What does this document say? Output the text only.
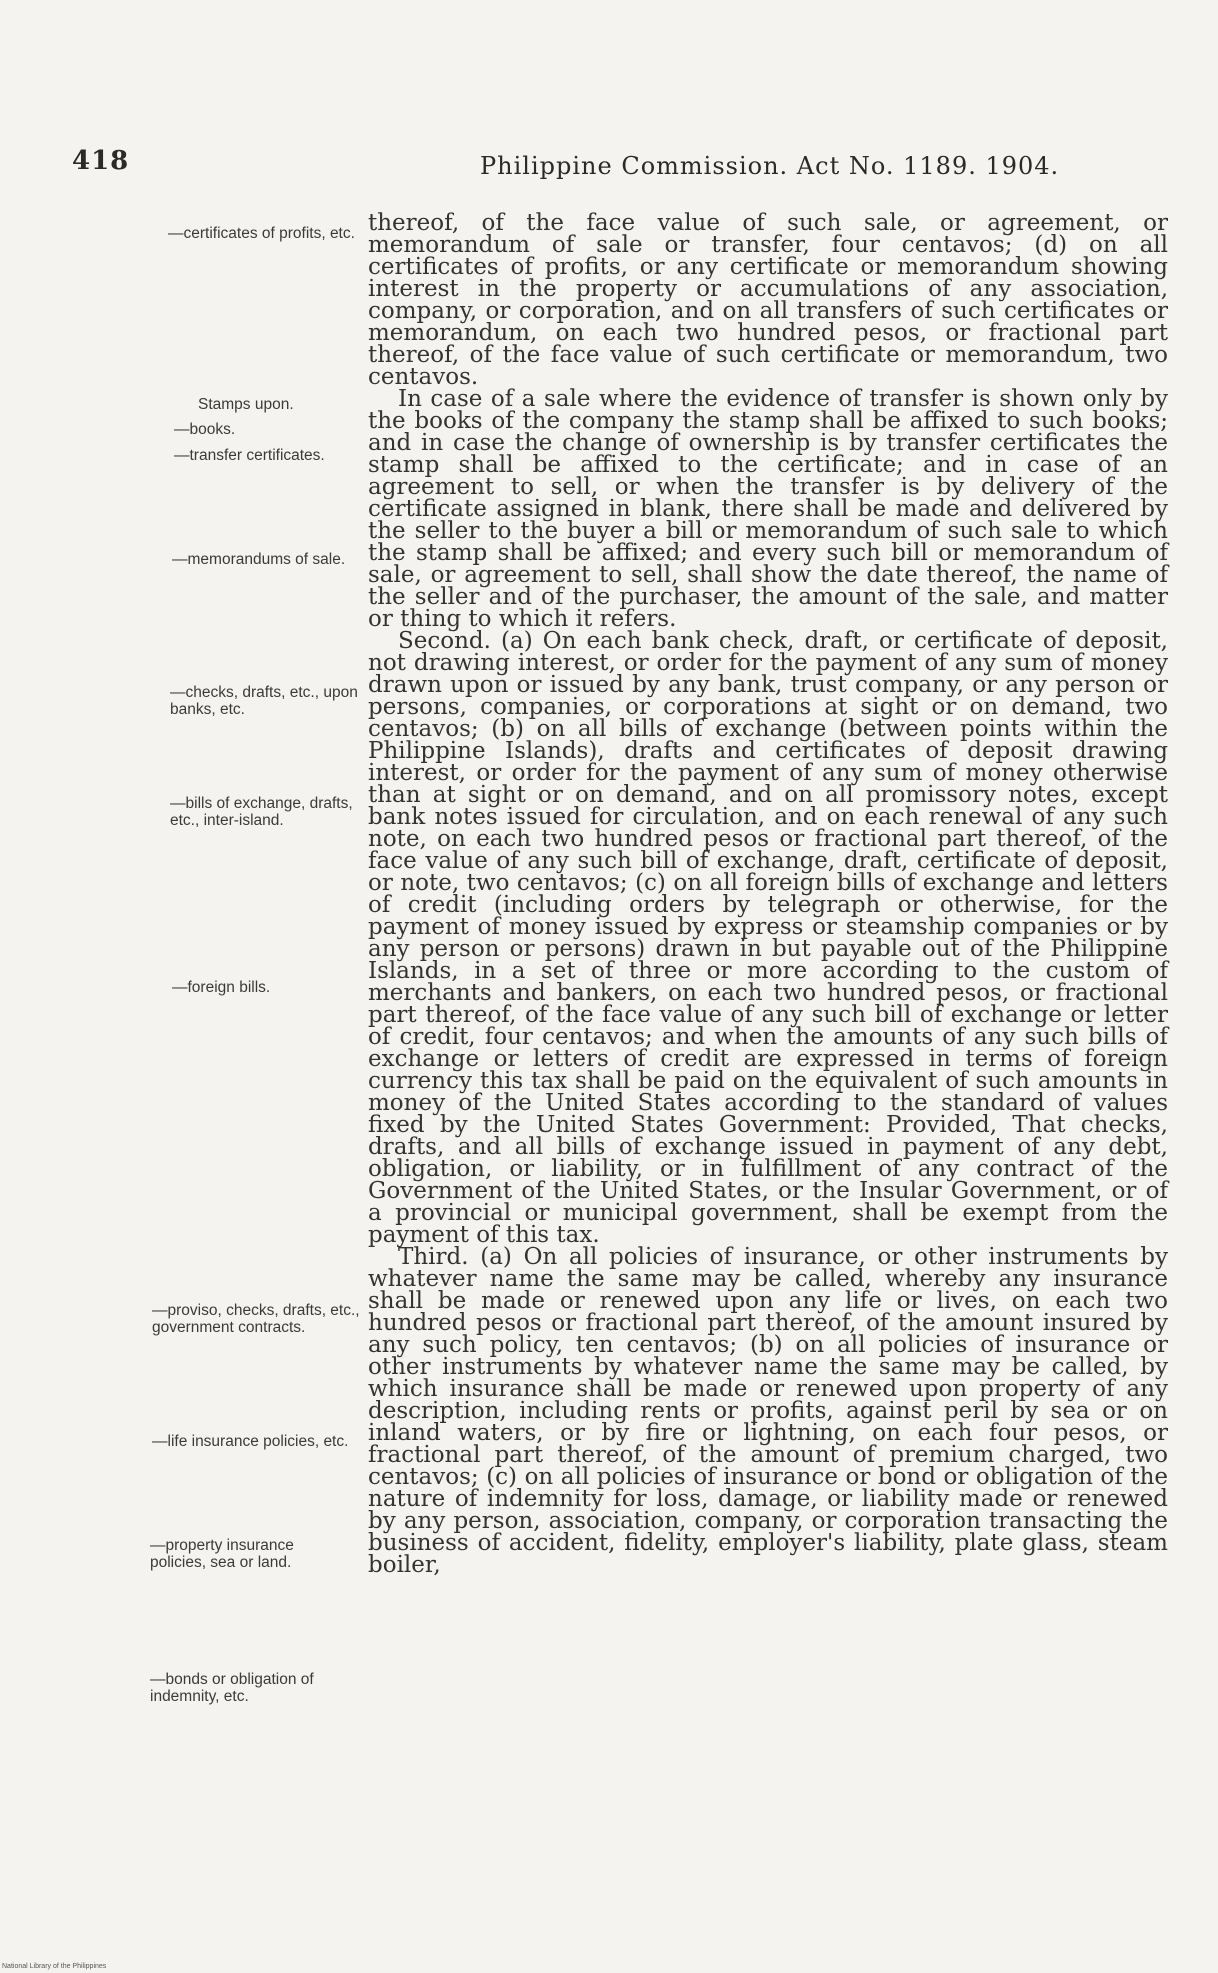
418	Philippine Commission. Act No. 1189. 1904.
—certificates of profits, etc.
Stamps upon.
—books.
—transfer certificates.
—memorandums of sale.
—checks, drafts, etc., upon banks, etc.
—bills of exchange, drafts, etc., inter-island.
—foreign bills.
—proviso, checks, drafts, etc., government contracts.
—life insurance policies, etc.
—property insurance policies, sea or land.
—bonds or obligation of indemnity, etc.

thereof, of the face value of such sale, or agreement, or memorandum of sale or transfer, four centavos; (d) on all certificates of profits, or any certificate or memorandum showing interest in the property or accumulations of any association, company, or corporation, and on all transfers of such certificates or memorandum, on each two hundred pesos, or fractional part thereof, of the face value of such certificate or memorandum, two centavos.

In case of a sale where the evidence of transfer is shown only by the books of the company the stamp shall be affixed to such books; and in case the change of ownership is by transfer certificates the stamp shall be affixed to the certificate; and in case of an agreement to sell, or when the transfer is by delivery of the certificate assigned in blank, there shall be made and delivered by the seller to the buyer a bill or memorandum of such sale to which the stamp shall be affixed; and every such bill or memorandum of sale, or agreement to sell, shall show the date thereof, the name of the seller and of the purchaser, the amount of the sale, and matter or thing to which it refers.

Second. (a) On each bank check, draft, or certificate of deposit, not drawing interest, or order for the payment of any sum of money drawn upon or issued by any bank, trust company, or any person or persons, companies, or corporations at sight or on demand, two centavos; (b) on all bills of exchange (between points within the Philippine Islands), drafts and certificates of deposit drawing interest, or order for the payment of any sum of money otherwise than at sight or on demand, and on all promissory notes, except bank notes issued for circulation, and on each renewal of any such note, on each two hundred pesos or fractional part thereof, of the face value of any such bill of exchange, draft, certificate of deposit, or note, two centavos; (c) on all foreign bills of exchange and letters of credit (including orders by telegraph or otherwise, for the payment of money issued by express or steamship companies or by any person or persons) drawn in but payable out of the Philippine Islands, in a set of three or more according to the custom of merchants and bankers, on each two hundred pesos, or fractional part thereof, of the face value of any such bill of exchange or letter of credit, four centavos; and when the amounts of any such bills of exchange or letters of credit are expressed in terms of foreign currency this tax shall be paid on the equivalent of such amounts in money of the United States according to the standard of values fixed by the United States Government: Provided, That checks, drafts, and all bills of exchange issued in payment of any debt, obligation, or liability, or in fulfillment of any contract of the Government of the United States, or the Insular Government, or of a provincial or municipal government, shall be exempt from the payment of this tax.

Third. (a) On all policies of insurance, or other instruments by whatever name the same may be called, whereby any insurance shall be made or renewed upon any life or lives, on each two hundred pesos or fractional part thereof, of the amount insured by any such policy, ten centavos; (b) on all policies of insurance or other instruments by whatever name the same may be called, by which insurance shall be made or renewed upon property of any description, including rents or profits, against peril by sea or on inland waters, or by fire or lightning, on each four pesos, or fractional part thereof, of the amount of premium charged, two centavos; (c) on all policies of insurance or bond or obligation of the nature of indemnity for loss, damage, or liability made or renewed by any person, association, company, or corporation transacting the business of accident, fidelity, employer's liability, plate glass, steam boiler,

National Library of the Philippines
